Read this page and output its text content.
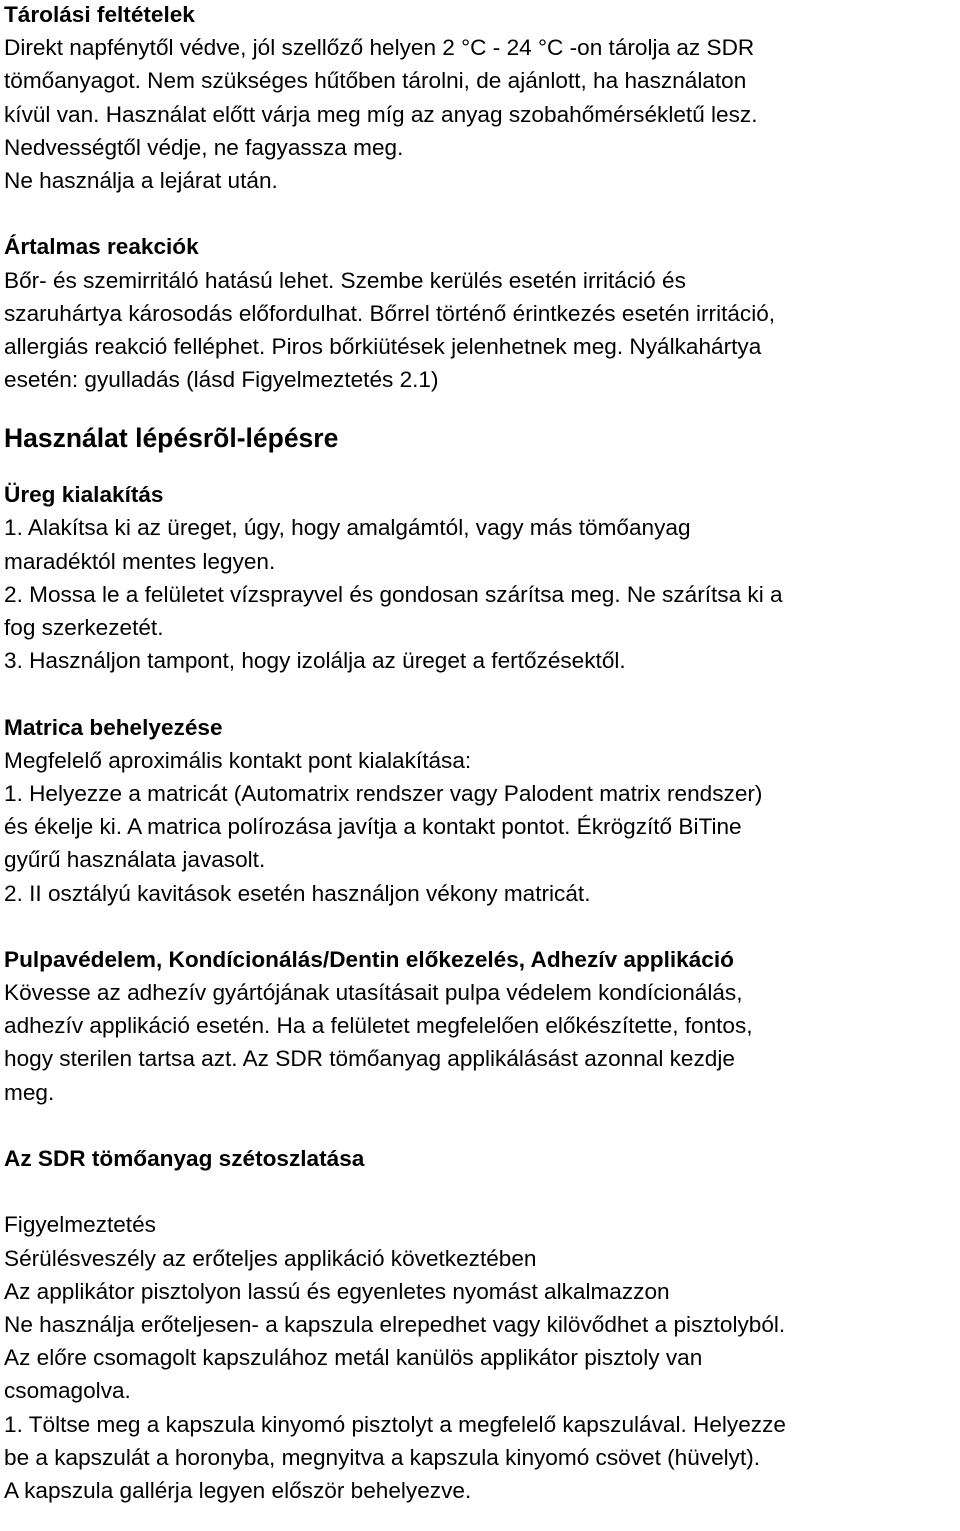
Tárolási feltételek
Direkt napfénytől védve, jól szellőző helyen 2 °C - 24 °C -on tárolja az SDR
tömőanyagot. Nem szükséges hűtőben tárolni, de ajánlott, ha használaton
kívül van. Használat előtt várja meg míg az anyag szobahőmérsékletű lesz.
Nedvességtől védje, ne fagyassza meg.
Ne használja a lejárat után.
Ártalmas reakciók
Bőr- és szemirritáló hatású lehet. Szembe kerülés esetén irritáció és
szaruhártya károsodás előfordulhat. Bőrrel történő érintkezés esetén irritáció,
allergiás reakció felléphet. Piros bőrkiütések jelenhetnek meg. Nyálkahártya
esetén: gyulladás (lásd Figyelmeztetés 2.1)
Használat lépésrõl-lépésre
Üreg kialakítás
1. Alakítsa ki az üreget, úgy, hogy amalgámtól, vagy más tömőanyag
maradéktól mentes legyen.
2. Mossa le a felületet vízsprayvel és gondosan szárítsa meg. Ne szárítsa ki a
fog szerkezetét.
3. Használjon tampont, hogy izolálja az üreget a fertőzésektől.
Matrica behelyezése
Megfelelő aproximális kontakt pont kialakítása:
1. Helyezze a matricát (Automatrix rendszer vagy Palodent matrix rendszer)
és ékelje ki. A matrica polírozása javítja a kontakt pontot. Ékrögzítő BiTine
gyűrű használata javasolt.
2. II osztályú kavitások esetén használjon vékony matricát.
Pulpavédelem, Kondícionálás/Dentin előkezelés, Adhezív applikáció
Kövesse az adhezív gyártójának utasításait pulpa védelem kondícionálás,
adhezív applikáció esetén. Ha a felületet megfelelően előkészítette, fontos,
hogy sterilen tartsa azt. Az SDR tömőanyag applikálásást azonnal kezdje
meg.
Az SDR tömőanyag szétoszlatása
Figyelmeztetés
Sérülésveszély az erőteljes applikáció következtében
Az applikátor pisztolyon lassú és egyenletes nyomást alkalmazzon
Ne használja erőteljesen- a kapszula elrepedhet vagy kilövődhet a pisztolyból.
Az előre csomagolt kapszulához metál kanülös applikátor pisztoly van
csomagolva.
1. Töltse meg a kapszula kinyomó pisztolyt a megfelelő kapszulával. Helyezze
be a kapszulát a horonyba, megnyitva a kapszula kinyomó csövet (hüvelyt).
A kapszula gallérja legyen először behelyezve.
